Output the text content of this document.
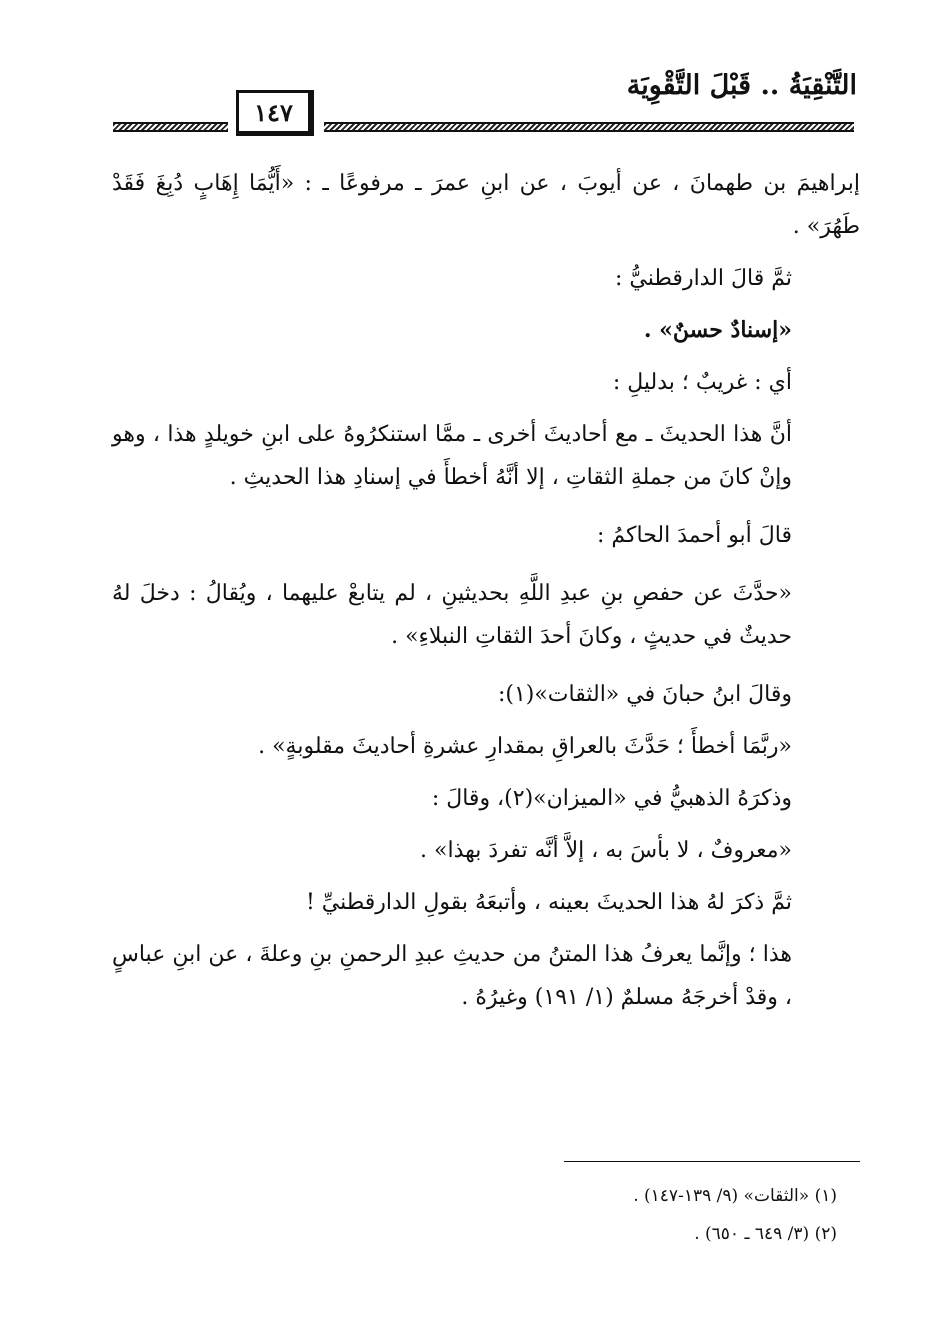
التَّنْقِيَةُ .. قَبْلَ التَّقْوِيَة
١٤٧

إبراهيمَ بن طهمانَ ، عن أيوبَ ، عن ابنِ عمرَ ـ مرفوعًا ـ : «أَيُّمَا إِهَابٍ دُبِغَ فَقَدْ طَهُرَ» .

ثمَّ قالَ الدارقطنيُّ :

«إسنادٌ حسنٌ» .

أي : غريبٌ ؛ بدليلِ :

أنَّ هذا الحديثَ ـ مع أحاديثَ أخرى ـ ممَّا استنكرُوهُ على ابنِ خويلدٍ هذا ، وهو وإنْ كانَ من جملةِ الثقاتِ ، إلا أنَّهُ أخطأَ في إسنادِ هذا الحديثِ .

قالَ أبو أحمدَ الحاكمُ :

«حدَّثَ عن حفصِ بنِ عبدِ اللَّهِ بحديثينِ ، لم يتابعْ عليهما ، ويُقالُ : دخلَ لهُ حديثٌ في حديثٍ ، وكانَ أحدَ الثقاتِ النبلاءِ» .

وقالَ ابنُ حبانَ في «الثقات»(١):

«ربَّمَا أخطأَ ؛ حَدَّثَ بالعراقِ بمقدارِ عشرةِ أحاديثَ مقلوبةٍ» .

وذكرَهُ الذهبيُّ في «الميزان»(٢)، وقالَ :

«معروفٌ ، لا بأسَ به ، إلاَّ أنَّه تفردَ بهذا» .

ثمَّ ذكرَ لهُ هذا الحديثَ بعينه ، وأتبعَهُ بقولِ الدارقطنيِّ !

هذا ؛ وإنَّما يعرفُ هذا المتنُ من حديثِ عبدِ الرحمنِ بنِ وعلةَ ، عن ابنِ عباسٍ ، وقدْ أخرجَهُ مسلمٌ (١/ ١٩١) وغيرُهُ .

(١) «الثقات» (٩/ ١٣٩-١٤٧) .
(٢) (٣/ ٦٤٩ ـ ٦٥٠) .
